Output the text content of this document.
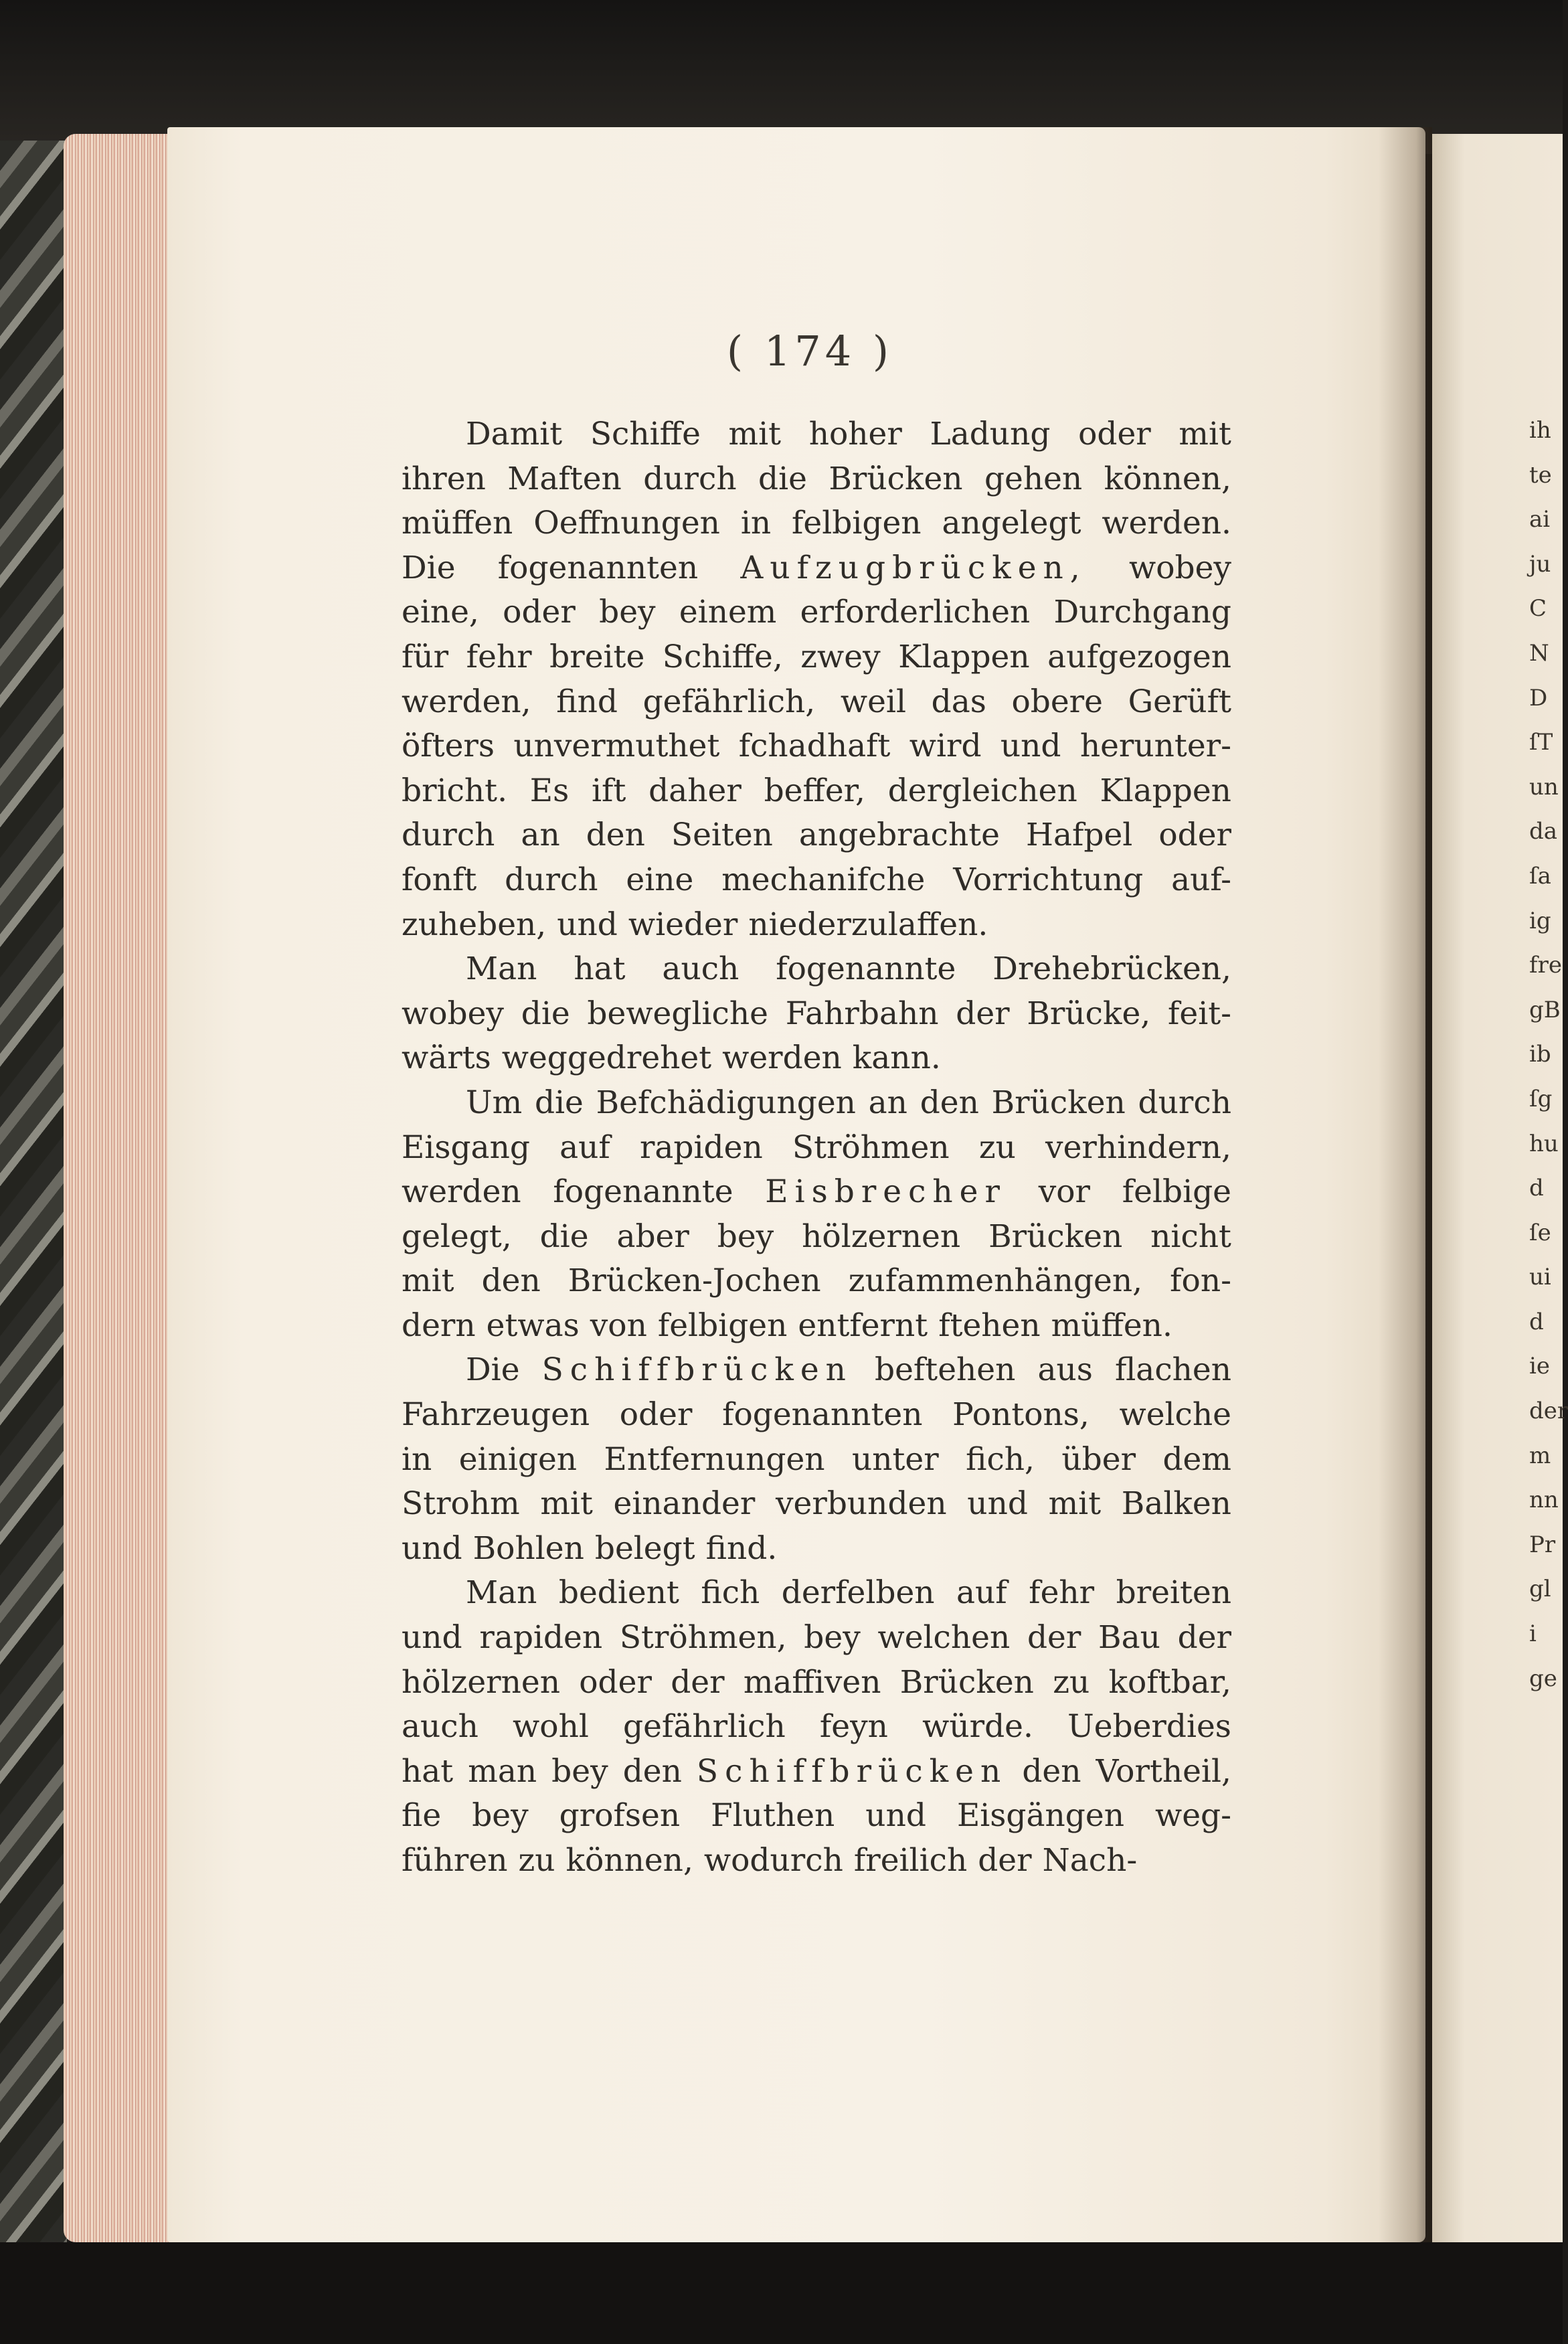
( 174 )
Damit Schiffe mit hoher Ladung oder mit
ihren Maften durch die Brücken gehen können,
müffen Oeffnungen in felbigen angelegt werden.
Die fogenannten Aufzugbrücken, wobey
eine, oder bey einem erforderlichen Durchgang
für fehr breite Schiffe, zwey Klappen aufgezogen
werden, find gefährlich, weil das obere Gerüft
öfters unvermuthet fchadhaft wird und herunter-
bricht. Es ift daher beffer, dergleichen Klappen
durch an den Seiten angebrachte Hafpel oder
fonft durch eine mechanifche Vorrichtung auf-
zuheben, und wieder niederzulaffen.
Man hat auch fogenannte Drehebrücken,
wobey die bewegliche Fahrbahn der Brücke, feit-
wärts weggedrehet werden kann.
Um die Befchädigungen an den Brücken durch
Eisgang auf rapiden Ströhmen zu verhindern,
werden fogenannte Eisbrecher vor felbige
gelegt, die aber bey hölzernen Brücken nicht
mit den Brücken-Jochen zufammenhängen, fon-
dern etwas von felbigen entfernt ftehen müffen.
Die Schiffbrücken beftehen aus flachen
Fahrzeugen oder fogenannten Pontons, welche
in einigen Entfernungen unter fich, über dem
Strohm mit einander verbunden und mit Balken
und Bohlen belegt find.
Man bedient fich derfelben auf fehr breiten
und rapiden Ströhmen, bey welchen der Bau der
hölzernen oder der maffiven Brücken zu koftbar,
auch wohl gefährlich feyn würde. Ueberdies
hat man bey den Schiffbrücken den Vortheil,
fie bey grofsen Fluthen und Eisgängen weg-
führen zu können, wodurch freilich der Nach-
ih
te
ai
ju
C
N
D
ſT
un
da
ſa
ig
fre
gB
ib
ſg
hu
d
ſe
ui
d
ie
der
m
nn
Pr
gl
i
ge
